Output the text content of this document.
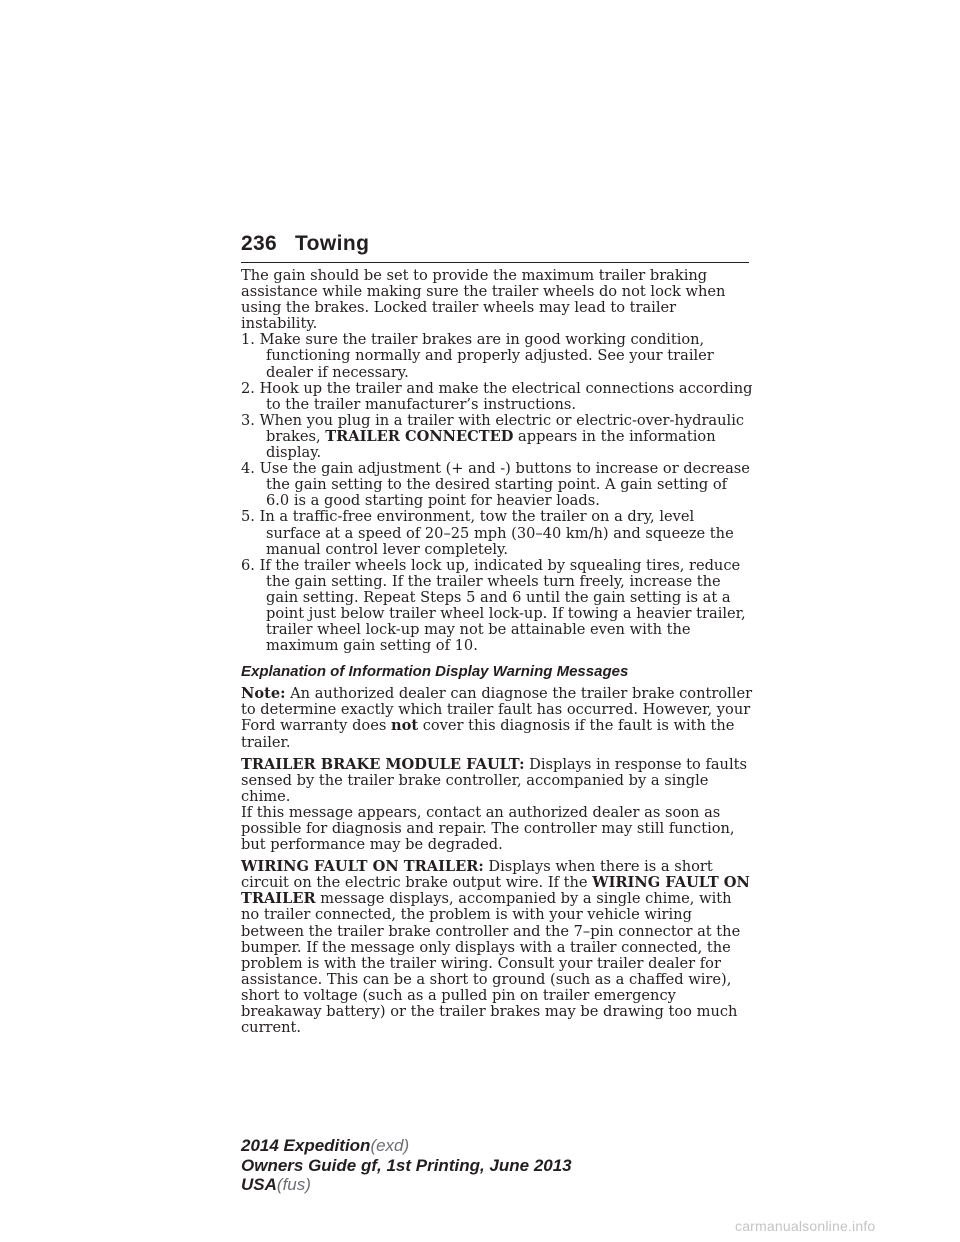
236 Towing

The gain should be set to provide the maximum trailer braking assistance while making sure the trailer wheels do not lock when using the brakes. Locked trailer wheels may lead to trailer instability.

1. Make sure the trailer brakes are in good working condition, functioning normally and properly adjusted. See your trailer dealer if necessary.
2. Hook up the trailer and make the electrical connections according to the trailer manufacturer’s instructions.
3. When you plug in a trailer with electric or electric-over-hydraulic brakes, TRAILER CONNECTED appears in the information display.
4. Use the gain adjustment (+ and -) buttons to increase or decrease the gain setting to the desired starting point. A gain setting of 6.0 is a good starting point for heavier loads.
5. In a traffic-free environment, tow the trailer on a dry, level surface at a speed of 20–25 mph (30–40 km/h) and squeeze the manual control lever completely.
6. If the trailer wheels lock up, indicated by squealing tires, reduce the gain setting. If the trailer wheels turn freely, increase the gain setting. Repeat Steps 5 and 6 until the gain setting is at a point just below trailer wheel lock-up. If towing a heavier trailer, trailer wheel lock-up may not be attainable even with the maximum gain setting of 10.

Explanation of Information Display Warning Messages

Note: An authorized dealer can diagnose the trailer brake controller to determine exactly which trailer fault has occurred. However, your Ford warranty does not cover this diagnosis if the fault is with the trailer.

TRAILER BRAKE MODULE FAULT: Displays in response to faults sensed by the trailer brake controller, accompanied by a single chime.
If this message appears, contact an authorized dealer as soon as possible for diagnosis and repair. The controller may still function, but performance may be degraded.

WIRING FAULT ON TRAILER: Displays when there is a short circuit on the electric brake output wire. If the WIRING FAULT ON TRAILER message displays, accompanied by a single chime, with no trailer connected, the problem is with your vehicle wiring between the trailer brake controller and the 7–pin connector at the bumper. If the message only displays with a trailer connected, the problem is with the trailer wiring. Consult your trailer dealer for assistance. This can be a short to ground (such as a chaffed wire), short to voltage (such as a pulled pin on trailer emergency breakaway battery) or the trailer brakes may be drawing too much current.

2014 Expedition(exd)
Owners Guide gf, 1st Printing, June 2013
USA(fus)
carmanualsonline.info
